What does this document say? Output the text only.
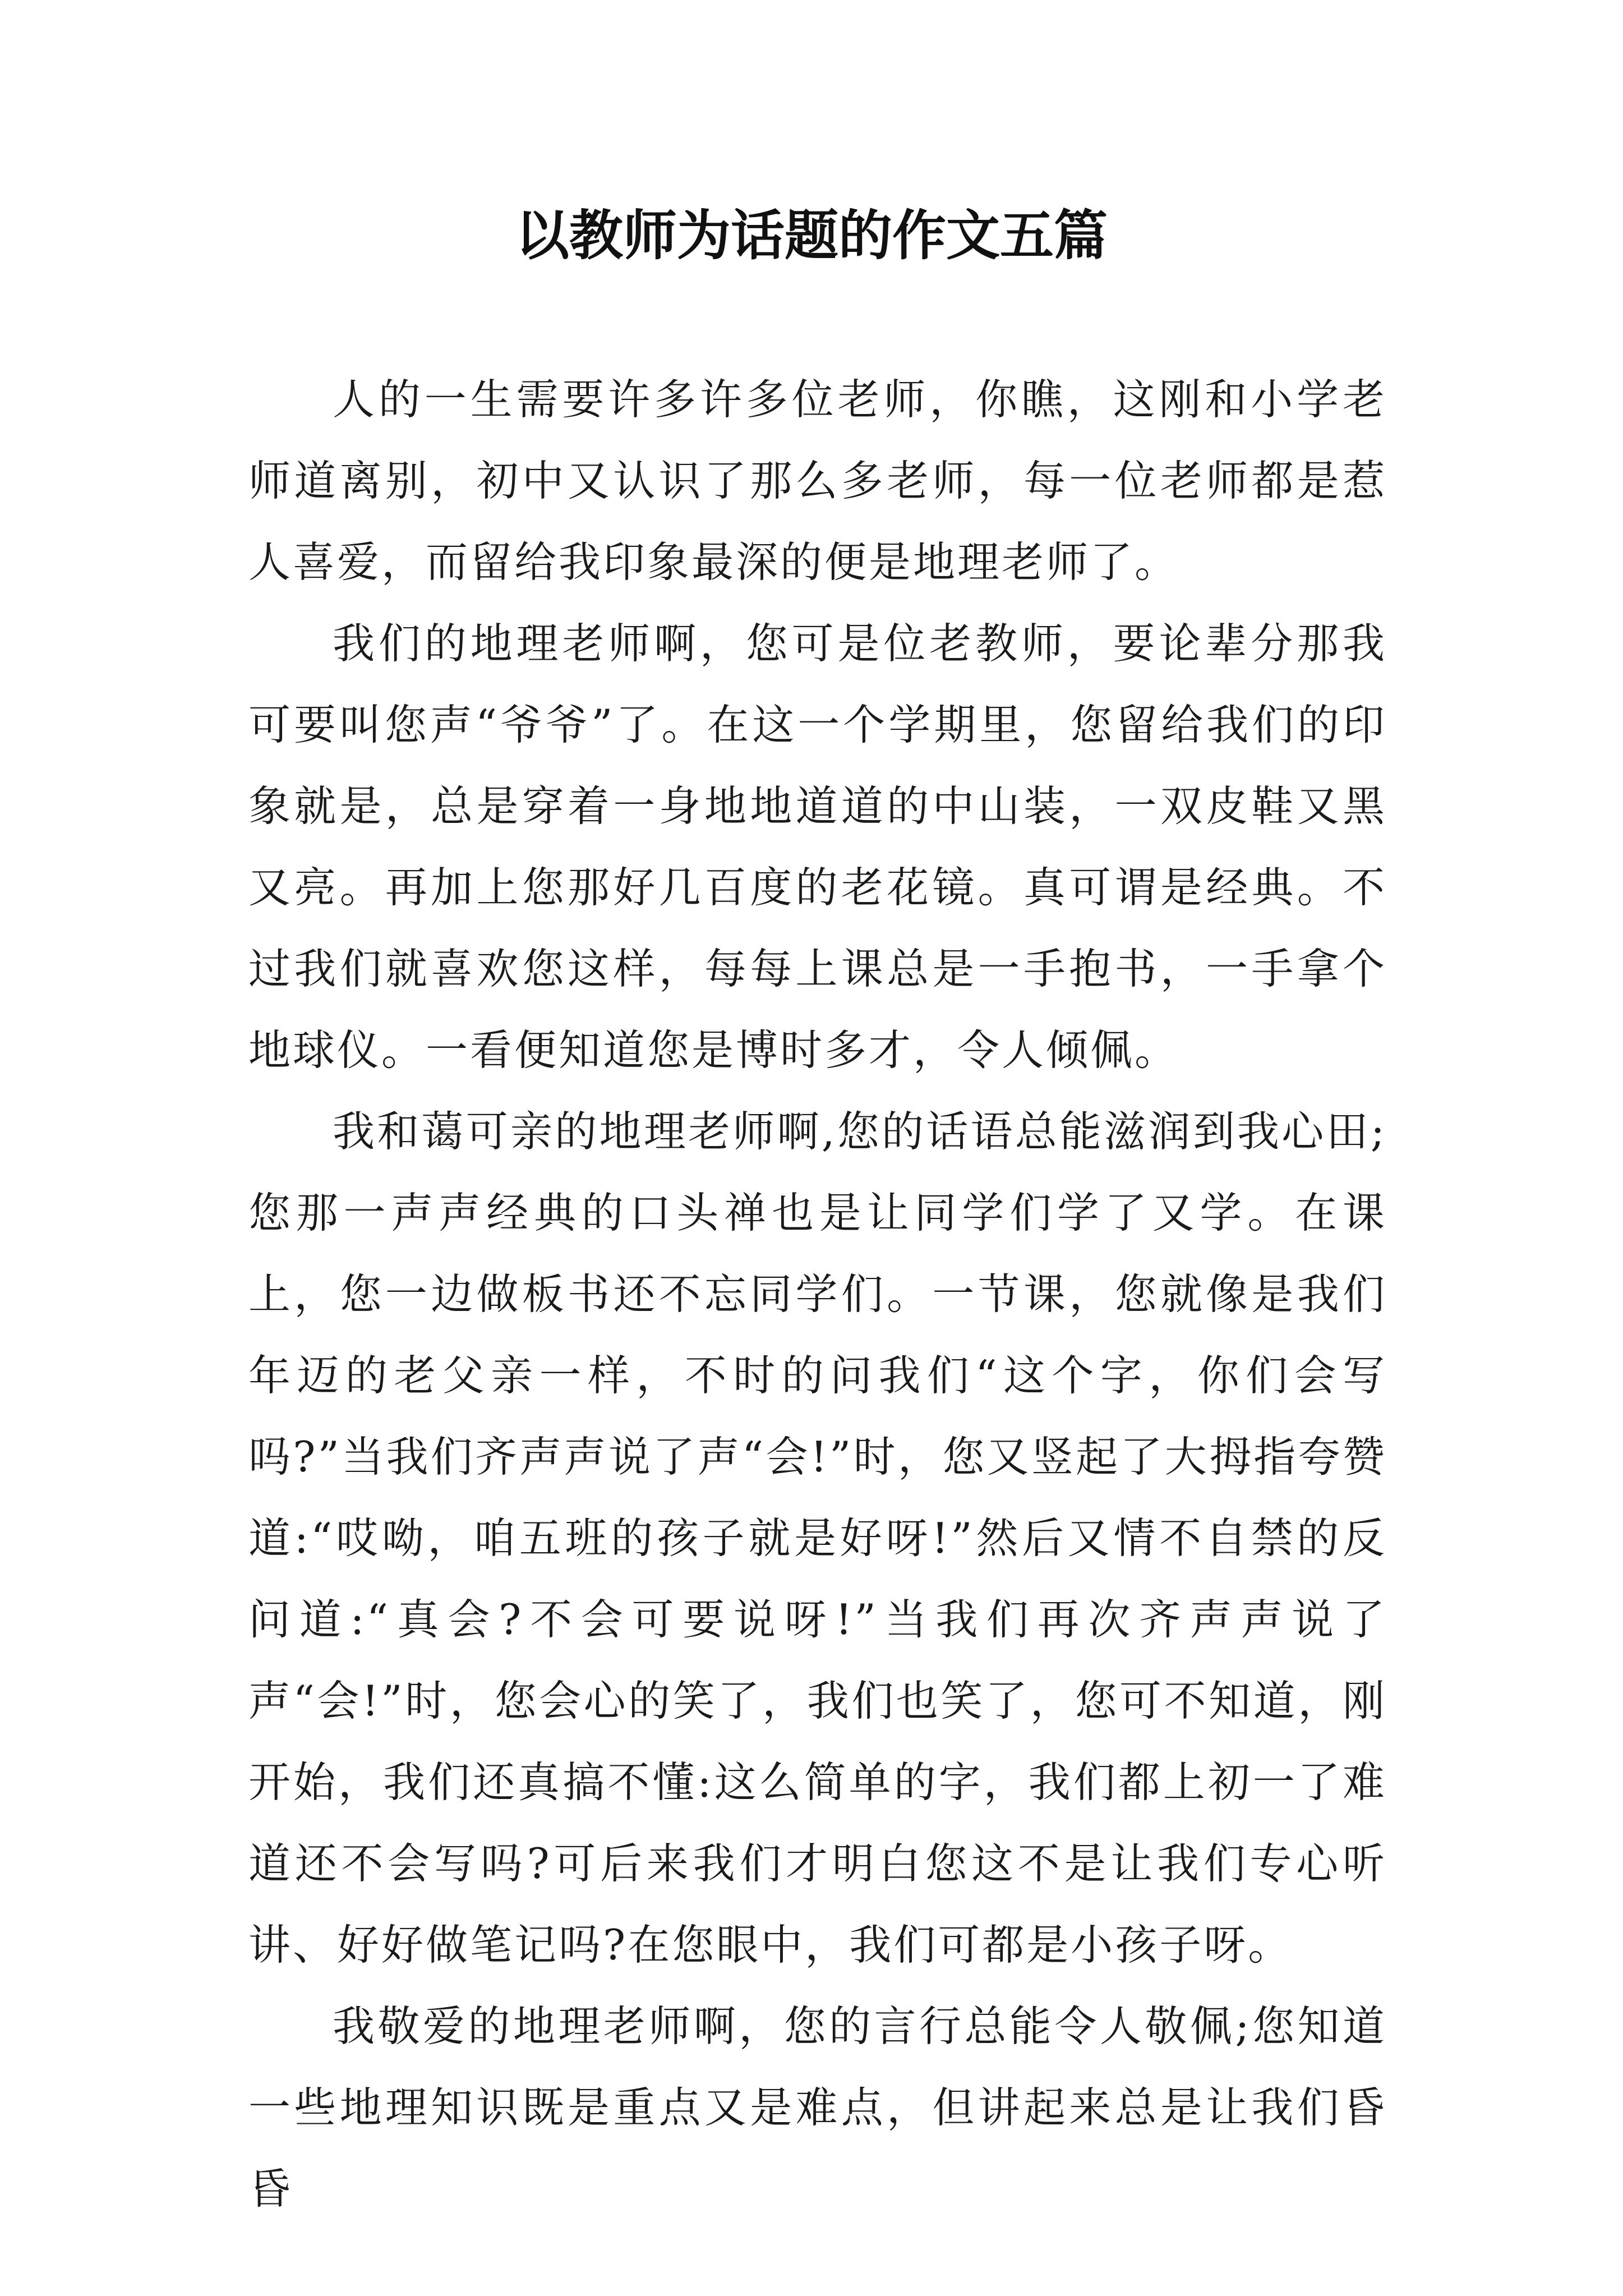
以教师为话题的作文五篇

人的一生需要许多许多位老师，你瞧，这刚和小学老师道离别，初中又认识了那么多老师，每一位老师都是惹人喜爱，而留给我印象最深的便是地理老师了。

我们的地理老师啊，您可是位老教师，要论辈分那我可要叫您声“爷爷”了。在这一个学期里，您留给我们的印象就是，总是穿着一身地地道道的中山装，一双皮鞋又黑又亮。再加上您那好几百度的老花镜。真可谓是经典。不过我们就喜欢您这样，每每上课总是一手抱书，一手拿个地球仪。一看便知道您是博时多才，令人倾佩。

我和蔼可亲的地理老师啊,您的话语总能滋润到我心田;您那一声声经典的口头禅也是让同学们学了又学。在课上，您一边做板书还不忘同学们。一节课，您就像是我们年迈的老父亲一样，不时的问我们“这个字，你们会写吗?”当我们齐声声说了声“会!”时，您又竖起了大拇指夸赞道:“哎呦，咱五班的孩子就是好呀!”然后又情不自禁的反问道:“真会?不会可要说呀!”当我们再次齐声声说了声“会!”时，您会心的笑了，我们也笑了，您可不知道，刚开始，我们还真搞不懂:这么简单的字，我们都上初一了难道还不会写吗?可后来我们才明白您这不是让我们专心听讲、好好做笔记吗?在您眼中，我们可都是小孩子呀。

我敬爱的地理老师啊，您的言行总能令人敬佩;您知道一些地理知识既是重点又是难点，但讲起来总是让我们昏昏
